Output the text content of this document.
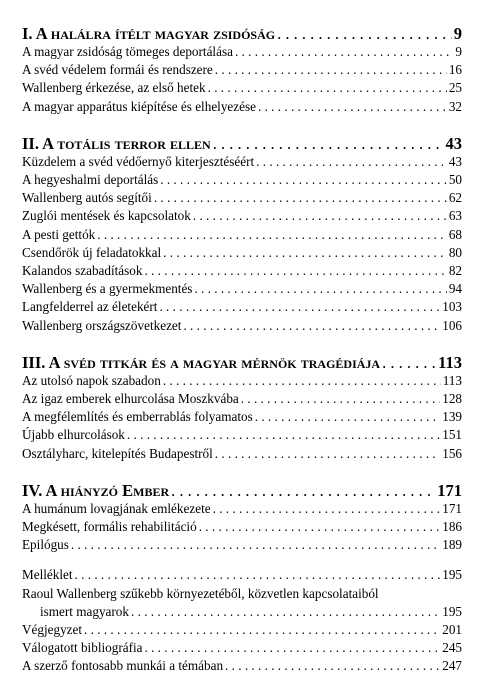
I. A halálra ítélt magyar zsidóság . . .	9
A magyar zsidóság tömeges deportálása . . .	9
A svéd védelem formái és rendszere . . .	16
Wallenberg érkezése, az első hetek . . .	25
A magyar apparátus kiépítése és elhelyezése . . .	32
II. A totális terror ellen . . .	43
Küzdelem a svéd védőernyő kiterjesztéséért . . .	43
A hegyeshalmi deportálás . . .	50
Wallenberg autós segítői . . .	62
Zuglói mentések és kapcsolatok . . .	63
A pesti gettók . . .	68
Csendőrök új feladatokkal . . .	80
Kalandos szabadítások . . .	82
Wallenberg és a gyermekmentés . . .	94
Langfelderrel az életekért . . .	103
Wallenberg országszövetkezet . . .	106
III. A svéd titkár és a magyar mérnök tragédiája . . .	113
Az utolsó napok szabadon . . .	113
Az igaz emberek elhurcolása Moszkvába . . .	128
A megfélemlítés és emberrablás folyamatos . . .	139
Újabb elhurcolások . . .	151
Osztályharc, kitelepítés Budapestről . . .	156
IV. A hiányzó Ember . . .	171
A humánum lovagjának emlékezete . . .	171
Megkésett, formális rehabilitáció . . .	186
Epilógus . . .	189
Melléklet . . .	195
Raoul Wallenberg szűkebb környezetéből, közvetlen kapcsolataiból
ismert magyarok . . .	195
Végjegyzet . . .	201
Válogatott bibliográfia . . .	245
A szerző fontosabb munkái a témában . . .	247
